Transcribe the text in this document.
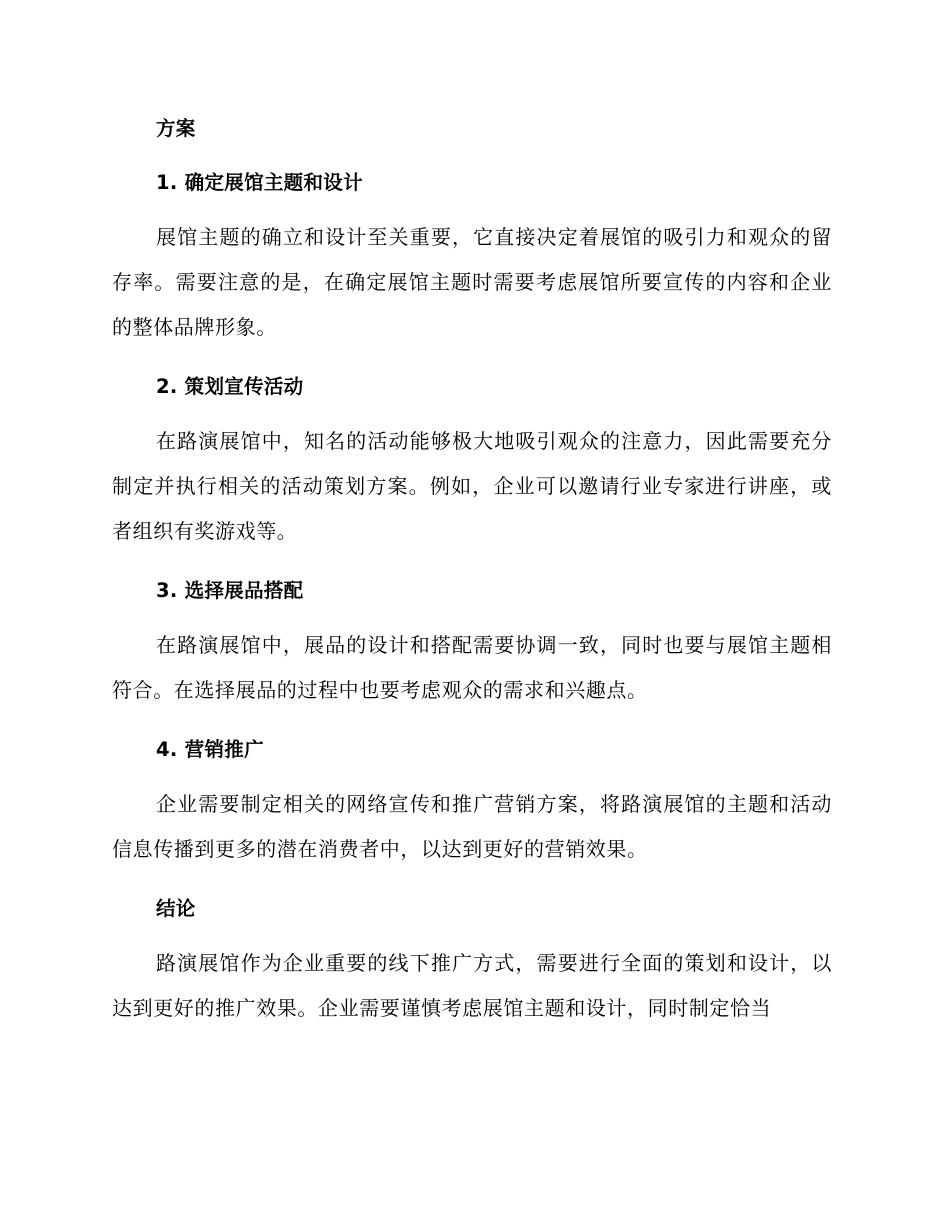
方案
1. 确定展馆主题和设计

展馆主题的确立和设计至关重要，它直接决定着展馆的吸引力和观众的留存率。需要注意的是，在确定展馆主题时需要考虑展馆所要宣传的内容和企业的整体品牌形象。

2. 策划宣传活动

在路演展馆中，知名的活动能够极大地吸引观众的注意力，因此需要充分制定并执行相关的活动策划方案。例如，企业可以邀请行业专家进行讲座，或者组织有奖游戏等。

3. 选择展品搭配

在路演展馆中，展品的设计和搭配需要协调一致，同时也要与展馆主题相符合。在选择展品的过程中也要考虑观众的需求和兴趣点。

4. 营销推广

企业需要制定相关的网络宣传和推广营销方案，将路演展馆的主题和活动信息传播到更多的潜在消费者中，以达到更好的营销效果。

结论

路演展馆作为企业重要的线下推广方式，需要进行全面的策划和设计，以达到更好的推广效果。企业需要谨慎考虑展馆主题和设计，同时制定恰当
